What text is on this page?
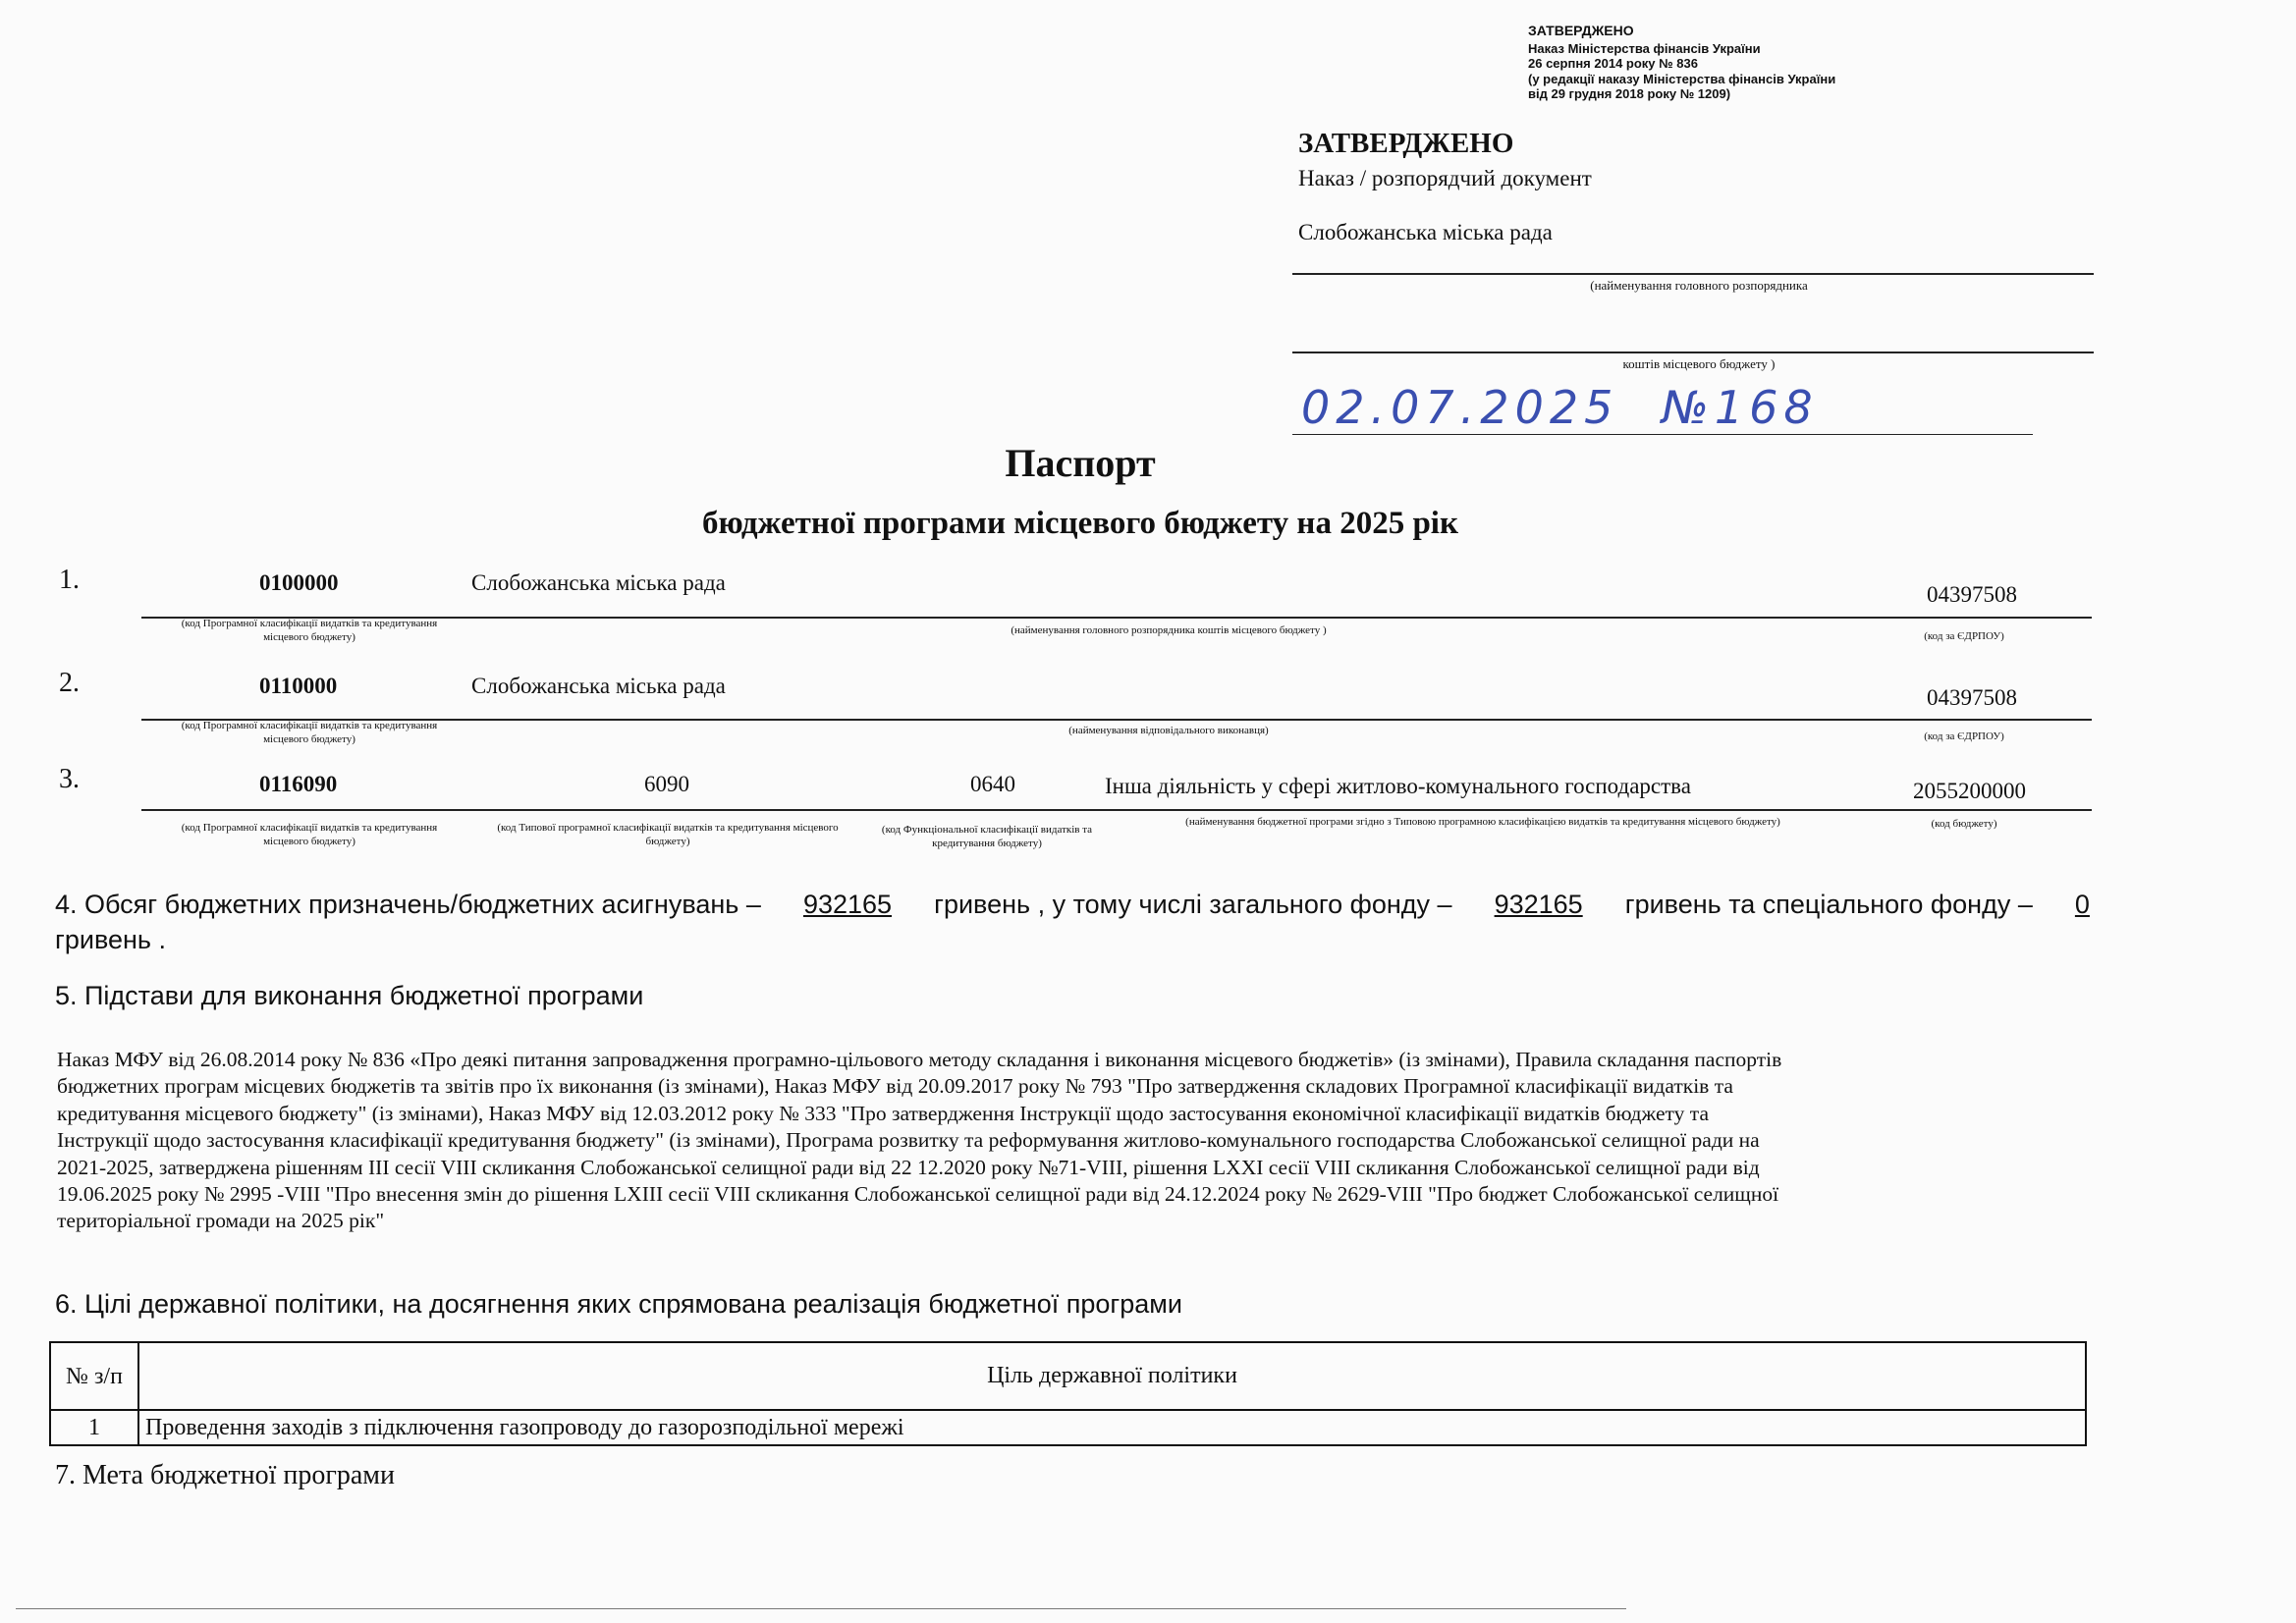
ЗАТВЕРДЖЕНО
Наказ Міністерства фінансів України
26 серпня 2014 року № 836
(у редакції наказу Міністерства фінансів України
від 29 грудня 2018 року № 1209)
ЗАТВЕРДЖЕНО
Наказ / розпорядчий документ
Слобожанська міська рада
(найменування головного розпорядника
коштів місцевого бюджету )
02.07.2025 №168
Паспорт
бюджетної програми місцевого бюджету на 2025 рік
1.	0100000	Слобожанська міська рада	04397508
(код Програмної класифікації видатків та кредитування місцевого бюджету)
(найменування головного розпорядника коштів місцевого бюджету )	(код за ЄДРПОУ)
2.	0110000	Слобожанська міська рада	04397508
(код Програмної класифікації видатків та кредитування місцевого бюджету)
(найменування відповідального виконавця)	(код за ЄДРПОУ)
3.	0116090	6090	0640	Інша діяльність у сфері житлово-комунального господарства	2055200000
(код Програмної класифікації видатків та кредитування місцевого бюджету)
(код Типової програмної класифікації видатків та кредитування місцевого бюджету)
(код Функціональної класифікації видатків та кредитування бюджету)
(найменування бюджетної програми згідно з Типовою програмною класифікацією видатків та кредитування місцевого бюджету)	(код бюджету)
4. Обсяг бюджетних призначень/бюджетних асигнувань – 932165 гривень , у тому числі загального фонду – 932165 гривень та спеціального фонду – 0
гривень .
5. Підстави для виконання бюджетної програми
Наказ МФУ від 26.08.2014 року № 836 «Про деякі питання запровадження програмно-цільового методу складання і виконання місцевого бюджетів» (із змінами), Правила складання паспортів
бюджетних програм місцевих бюджетів та звітів про їх виконання (із змінами), Наказ МФУ від 20.09.2017 року № 793 "Про затвердження складових Програмної класифікації видатків та
кредитування місцевого бюджету" (із змінами), Наказ МФУ від 12.03.2012 року № 333 "Про затвердження Інструкції щодо застосування економічної класифікації видатків бюджету та
Інструкції щодо застосування класифікації кредитування бюджету" (із змінами), Програма розвитку та реформування житлово-комунального господарства Слобожанської селищної ради на
2021-2025, затверджена рішенням ІІІ сесії VIII скликання Слобожанської селищної ради від 22 12.2020 року №71-VIII, рішення LXXI сесії VIII скликання Слобожанської селищної ради від
19.06.2025 року № 2995 -VIII "Про внесення змін до рішення LXIII сесії VIII скликання Слобожанської селищної ради від 24.12.2024 року № 2629-VIII "Про бюджет Слобожанської селищної
територіальної громади на 2025 рік"
6. Цілі державної політики, на досягнення яких спрямована реалізація бюджетної програми
№ з/п	Ціль державної політики
1	Проведення заходів з підключення газопроводу до газорозподільної мережі
7. Мета бюджетної програми
